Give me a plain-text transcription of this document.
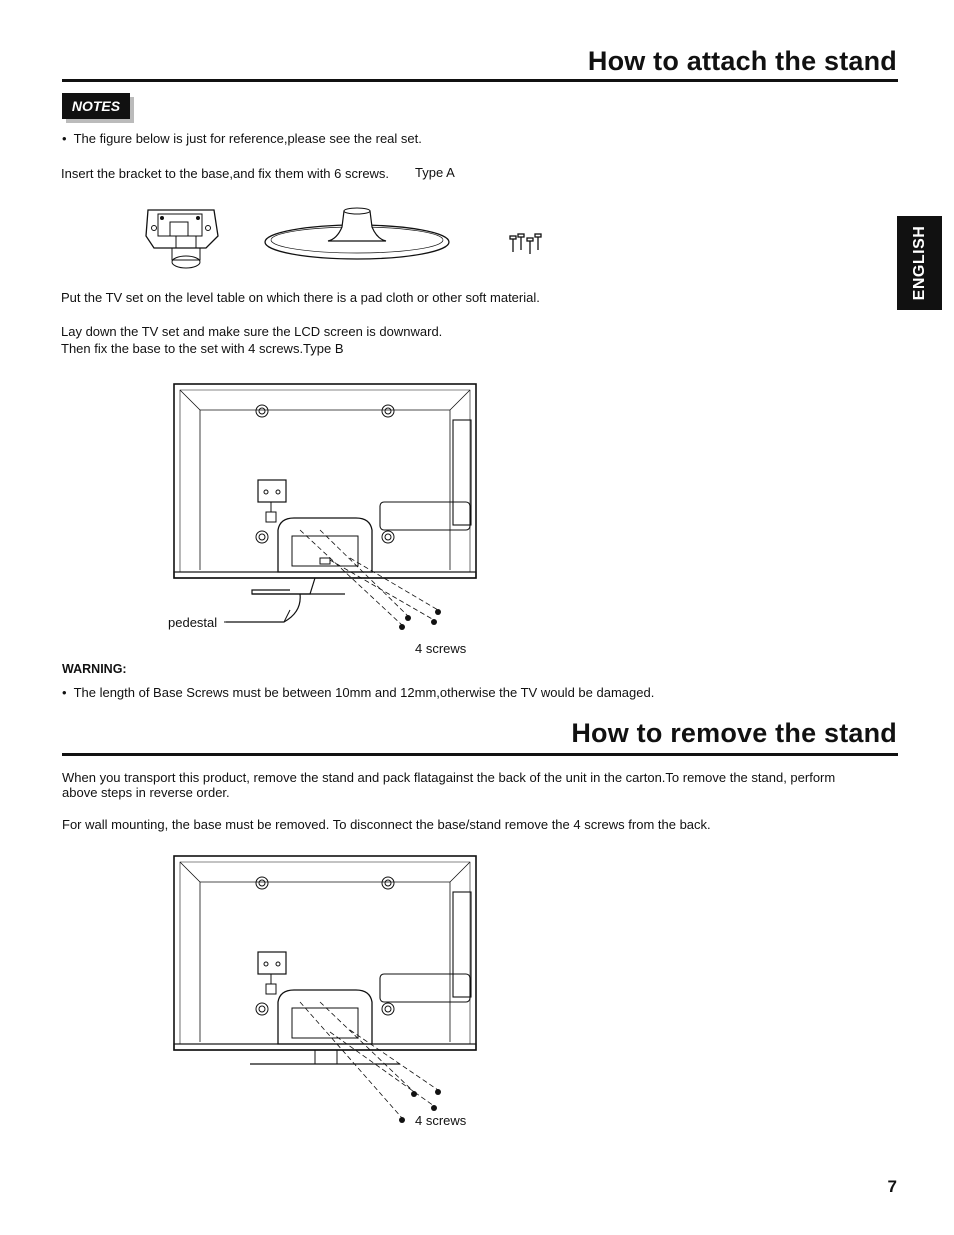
How to attach the stand
NOTES
• The figure below is just for reference,please see the real set.
Insert the bracket to the base,and fix them with 6 screws. Type A
Put the TV set on the level table on which there is a pad cloth or other soft material.
Lay down the TV set and make sure the LCD screen is downward.
Then fix the base to the set with 4 screws.Type B
pedestal
4 screws
WARNING:
• The length of Base Screws must be between 10mm and 12mm,otherwise the TV would be damaged.
How to remove the stand
When you transport this product, remove the stand and pack flatagainst the back of the unit in the carton.To remove the stand, perform
above steps in reverse order.
For wall mounting, the base must be removed. To disconnect the base/stand remove the 4 screws from the back.
4 screws
ENGLISH
7
